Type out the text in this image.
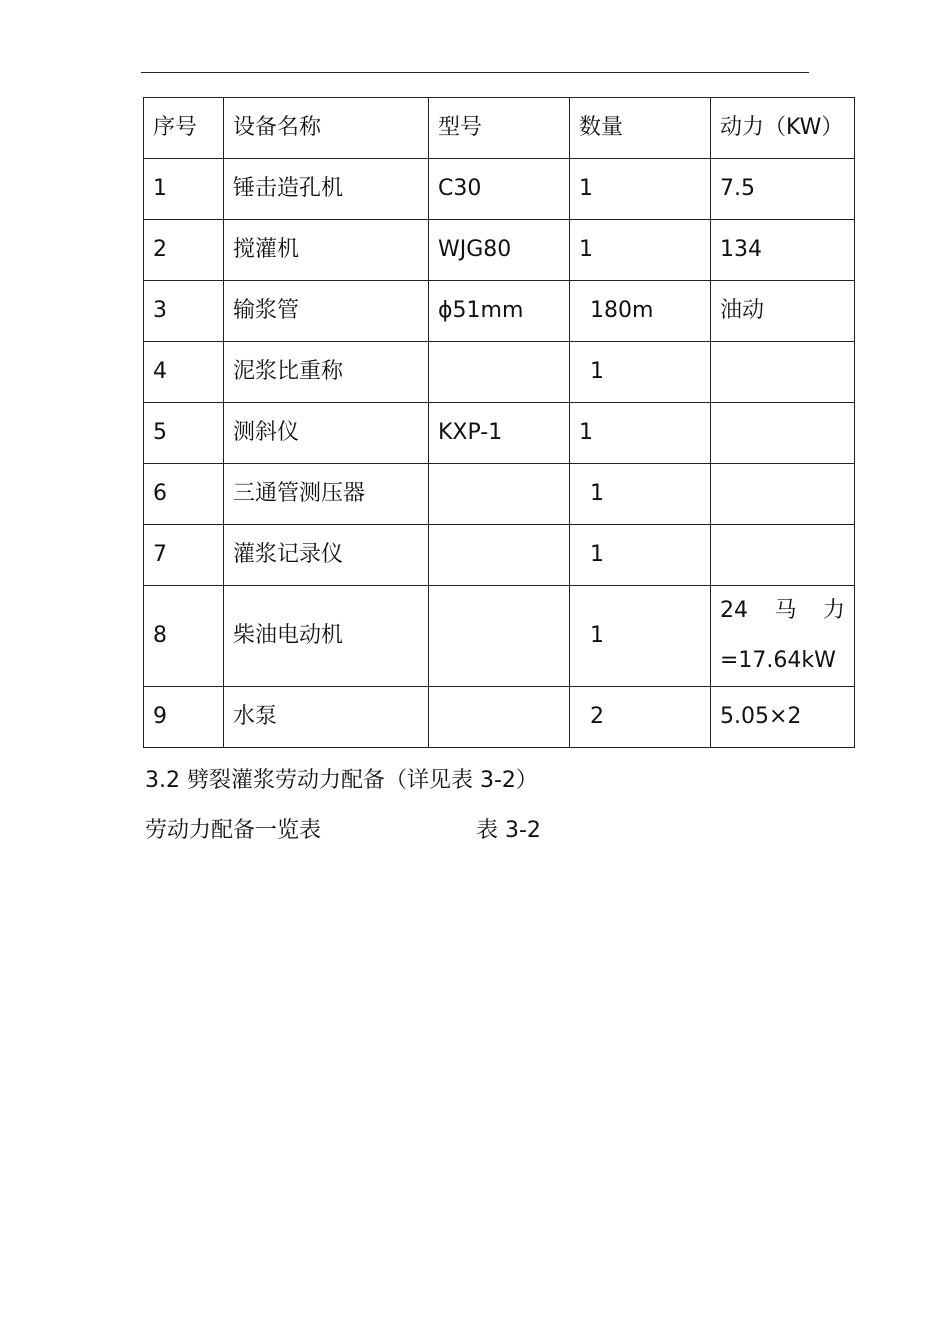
序号	设备名称	型号	数量	动力（KW）
1	锤击造孔机	C30	1	7.5
2	搅灌机	WJG80	1	134
3	输浆管	ϕ51mm	180m	油动
4	泥浆比重称		1	
5	测斜仪	KXP-1	1	
6	三通管测压器		1	
7	灌浆记录仪		1	
8	柴油电动机		1	24　马　力
=17.64kW
9	水泵		2	5.05×2
3.2 劈裂灌浆劳动力配备（详见表 3-2）
劳动力配备一览表	表 3-2
